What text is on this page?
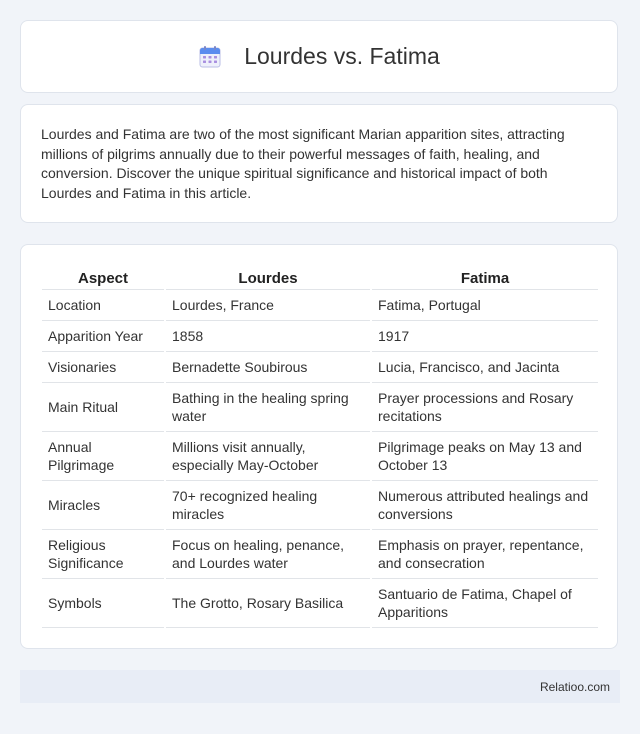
Lourdes vs. Fatima

Lourdes and Fatima are two of the most significant Marian apparition sites, attracting millions of pilgrims annually due to their powerful messages of faith, healing, and conversion. Discover the unique spiritual significance and historical impact of both Lourdes and Fatima in this article.

Aspect	Lourdes	Fatima
Location	Lourdes, France	Fatima, Portugal
Apparition Year	1858	1917
Visionaries	Bernadette Soubirous	Lucia, Francisco, and Jacinta
Main Ritual	Bathing in the healing spring water	Prayer processions and Rosary recitations
Annual Pilgrimage	Millions visit annually, especially May-October	Pilgrimage peaks on May 13 and October 13
Miracles	70+ recognized healing miracles	Numerous attributed healings and conversions
Religious Significance	Focus on healing, penance, and Lourdes water	Emphasis on prayer, repentance, and consecration
Symbols	The Grotto, Rosary Basilica	Santuario de Fatima, Chapel of Apparitions
Relatioo.com
